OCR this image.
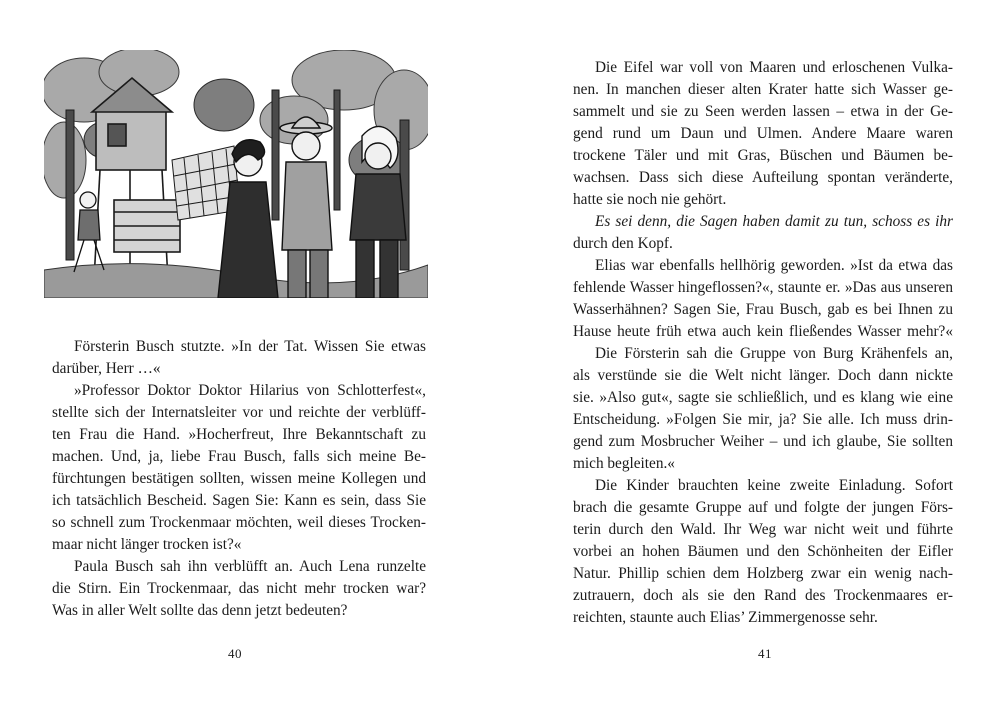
Försterin Busch stutzte. »In der Tat. Wissen Sie etwas
darüber, Herr …«

»Professor Doktor Doktor Hilarius von Schlotterfest«,
stellte sich der Internatsleiter vor und reichte der verblüff-
ten Frau die Hand. »Hocherfreut, Ihre Bekanntschaft zu
machen. Und, ja, liebe Frau Busch, falls sich meine Be-
fürchtungen bestätigen sollten, wissen meine Kollegen und
ich tatsächlich Bescheid. Sagen Sie: Kann es sein, dass Sie
so schnell zum Trockenmaar möchten, weil dieses Trocken-
maar nicht länger trocken ist?«

Paula Busch sah ihn verblüfft an. Auch Lena runzelte
die Stirn. Ein Trockenmaar, das nicht mehr trocken war?
Was in aller Welt sollte das denn jetzt bedeuten?

40

Die Eifel war voll von Maaren und erloschenen Vulka-
nen. In manchen dieser alten Krater hatte sich Wasser ge-
sammelt und sie zu Seen werden lassen – etwa in der Ge-
gend rund um Daun und Ulmen. Andere Maare waren
trockene Täler und mit Gras, Büschen und Bäumen be-
wachsen. Dass sich diese Aufteilung spontan veränderte,
hatte sie noch nie gehört.

Es sei denn, die Sagen haben damit zu tun, schoss es ihr
durch den Kopf.

Elias war ebenfalls hellhörig geworden. »Ist da etwa das
fehlende Wasser hingeflossen?«, staunte er. »Das aus unseren
Wasserhähnen? Sagen Sie, Frau Busch, gab es bei Ihnen zu
Hause heute früh etwa auch kein fließendes Wasser mehr?«

Die Försterin sah die Gruppe von Burg Krähenfels an,
als verstünde sie die Welt nicht länger. Doch dann nickte
sie. »Also gut«, sagte sie schließlich, und es klang wie eine
Entscheidung. »Folgen Sie mir, ja? Sie alle. Ich muss drin-
gend zum Mosbrucher Weiher – und ich glaube, Sie sollten
mich begleiten.«

Die Kinder brauchten keine zweite Einladung. Sofort
brach die gesamte Gruppe auf und folgte der jungen Förs-
terin durch den Wald. Ihr Weg war nicht weit und führte
vorbei an hohen Bäumen und den Schönheiten der Eifler
Natur. Phillip schien dem Holzberg zwar ein wenig nach-
zutrauern, doch als sie den Rand des Trockenmaares er-
reichten, staunte auch Elias’ Zimmergenosse sehr.

41
